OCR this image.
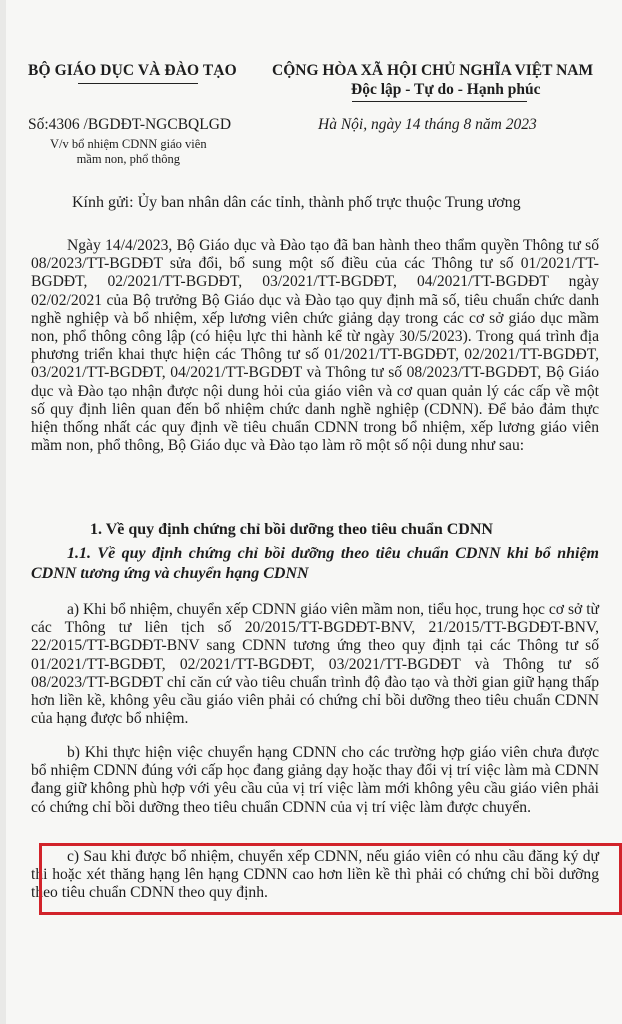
BỘ GIÁO DỤC VÀ ĐÀO TẠO CỘNG HÒA XÃ HỘI CHỦ NGHĨA VIỆT NAM
Độc lập - Tự do - Hạnh phúc
Số:4306 /BGDĐT-NGCBQLGD	Hà Nội, ngày 14 tháng 8 năm 2023
V/v bổ nhiệm CDNN giáo viên
mầm non, phổ thông
Kính gửi: Ủy ban nhân dân các tỉnh, thành phố trực thuộc Trung ương
Ngày 14/4/2023, Bộ Giáo dục và Đào tạo đã ban hành theo thẩm quyền Thông tư số 08/2023/TT-BGDĐT sửa đổi, bổ sung một số điều của các Thông tư số 01/2021/TT-BGDĐT, 02/2021/TT-BGDĐT, 03/2021/TT-BGDĐT, 04/2021/TT-BGDĐT ngày 02/02/2021 của Bộ trưởng Bộ Giáo dục và Đào tạo quy định mã số, tiêu chuẩn chức danh nghề nghiệp và bổ nhiệm, xếp lương viên chức giảng dạy trong các cơ sở giáo dục mầm non, phổ thông công lập (có hiệu lực thi hành kể từ ngày 30/5/2023). Trong quá trình địa phương triển khai thực hiện các Thông tư số 01/2021/TT-BGDĐT, 02/2021/TT-BGDĐT, 03/2021/TT-BGDĐT, 04/2021/TT-BGDĐT và Thông tư số 08/2023/TT-BGDĐT, Bộ Giáo dục và Đào tạo nhận được nội dung hỏi của giáo viên và cơ quan quản lý các cấp về một số quy định liên quan đến bổ nhiệm chức danh nghề nghiệp (CDNN). Để bảo đảm thực hiện thống nhất các quy định về tiêu chuẩn CDNN trong bổ nhiệm, xếp lương giáo viên mầm non, phổ thông, Bộ Giáo dục và Đào tạo làm rõ một số nội dung như sau:
1. Về quy định chứng chỉ bồi dưỡng theo tiêu chuẩn CDNN
1.1. Về quy định chứng chỉ bồi dưỡng theo tiêu chuẩn CDNN khi bổ nhiệm CDNN tương ứng và chuyển hạng CDNN
a) Khi bổ nhiệm, chuyển xếp CDNN giáo viên mầm non, tiểu học, trung học cơ sở từ các Thông tư liên tịch số 20/2015/TT-BGDĐT-BNV, 21/2015/TT-BGDĐT-BNV, 22/2015/TT-BGDĐT-BNV sang CDNN tương ứng theo quy định tại các Thông tư số 01/2021/TT-BGDĐT, 02/2021/TT-BGDĐT, 03/2021/TT-BGDĐT và Thông tư số 08/2023/TT-BGDĐT chỉ căn cứ vào tiêu chuẩn trình độ đào tạo và thời gian giữ hạng thấp hơn liền kề, không yêu cầu giáo viên phải có chứng chỉ bồi dưỡng theo tiêu chuẩn CDNN của hạng được bổ nhiệm.
b) Khi thực hiện việc chuyển hạng CDNN cho các trường hợp giáo viên chưa được bổ nhiệm CDNN đúng với cấp học đang giảng dạy hoặc thay đổi vị trí việc làm mà CDNN đang giữ không phù hợp với yêu cầu của vị trí việc làm mới không yêu cầu giáo viên phải có chứng chỉ bồi dưỡng theo tiêu chuẩn CDNN của vị trí việc làm được chuyển.
c) Sau khi được bổ nhiệm, chuyển xếp CDNN, nếu giáo viên có nhu cầu đăng ký dự thi hoặc xét thăng hạng lên hạng CDNN cao hơn liền kề thì phải có chứng chỉ bồi dưỡng theo tiêu chuẩn CDNN theo quy định.
